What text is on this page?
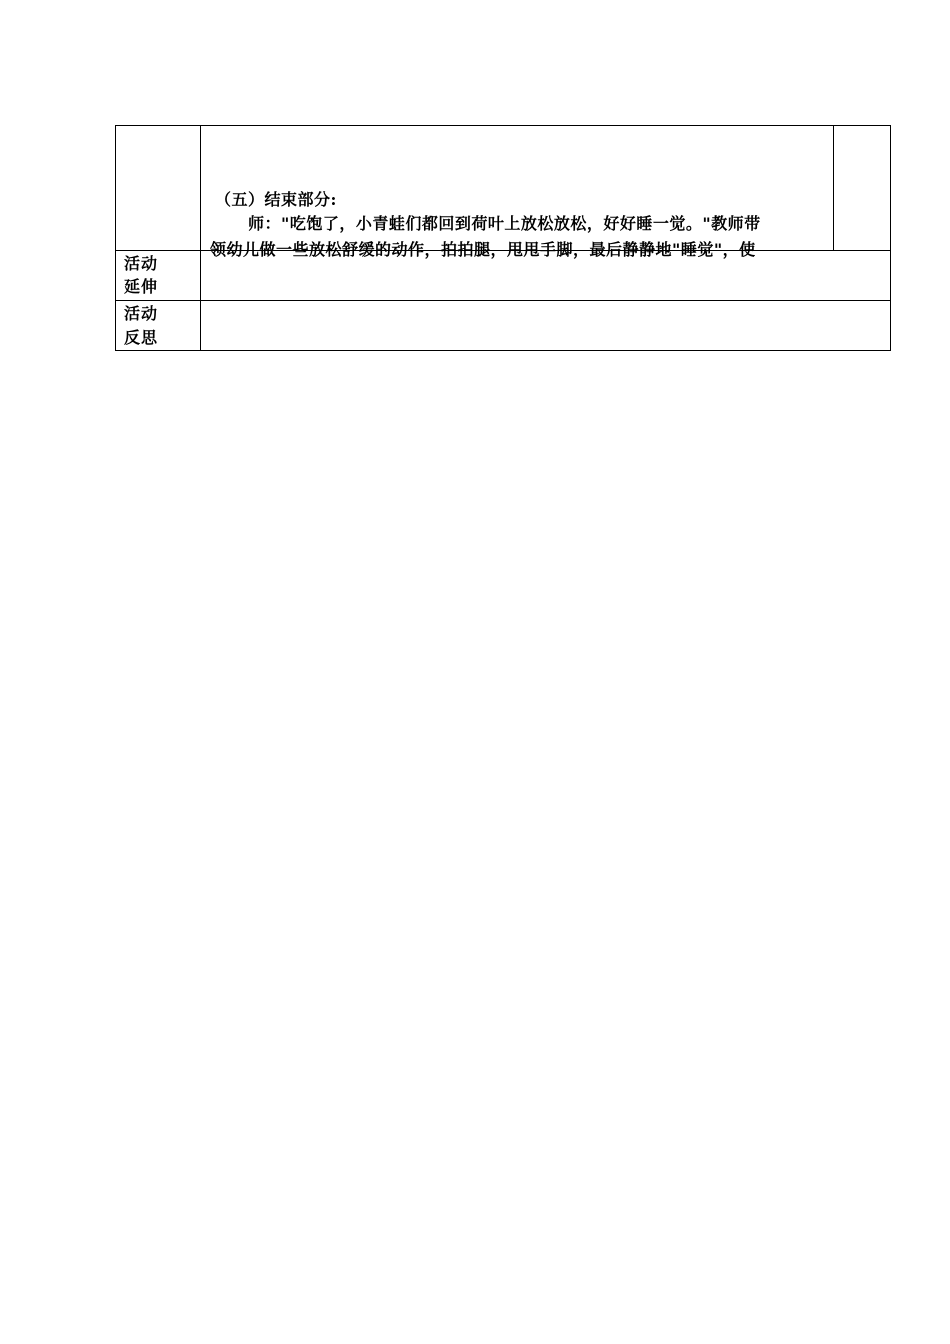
（五）结束部分:
师："吃饱了，小青蛙们都回到荷叶上放松放松，好好睡一觉。"教师带
领幼儿做一些放松舒缓的动作，拍拍腿，甩甩手脚，最后静静地"睡觉"，使
活动
延伸
活动
反思
